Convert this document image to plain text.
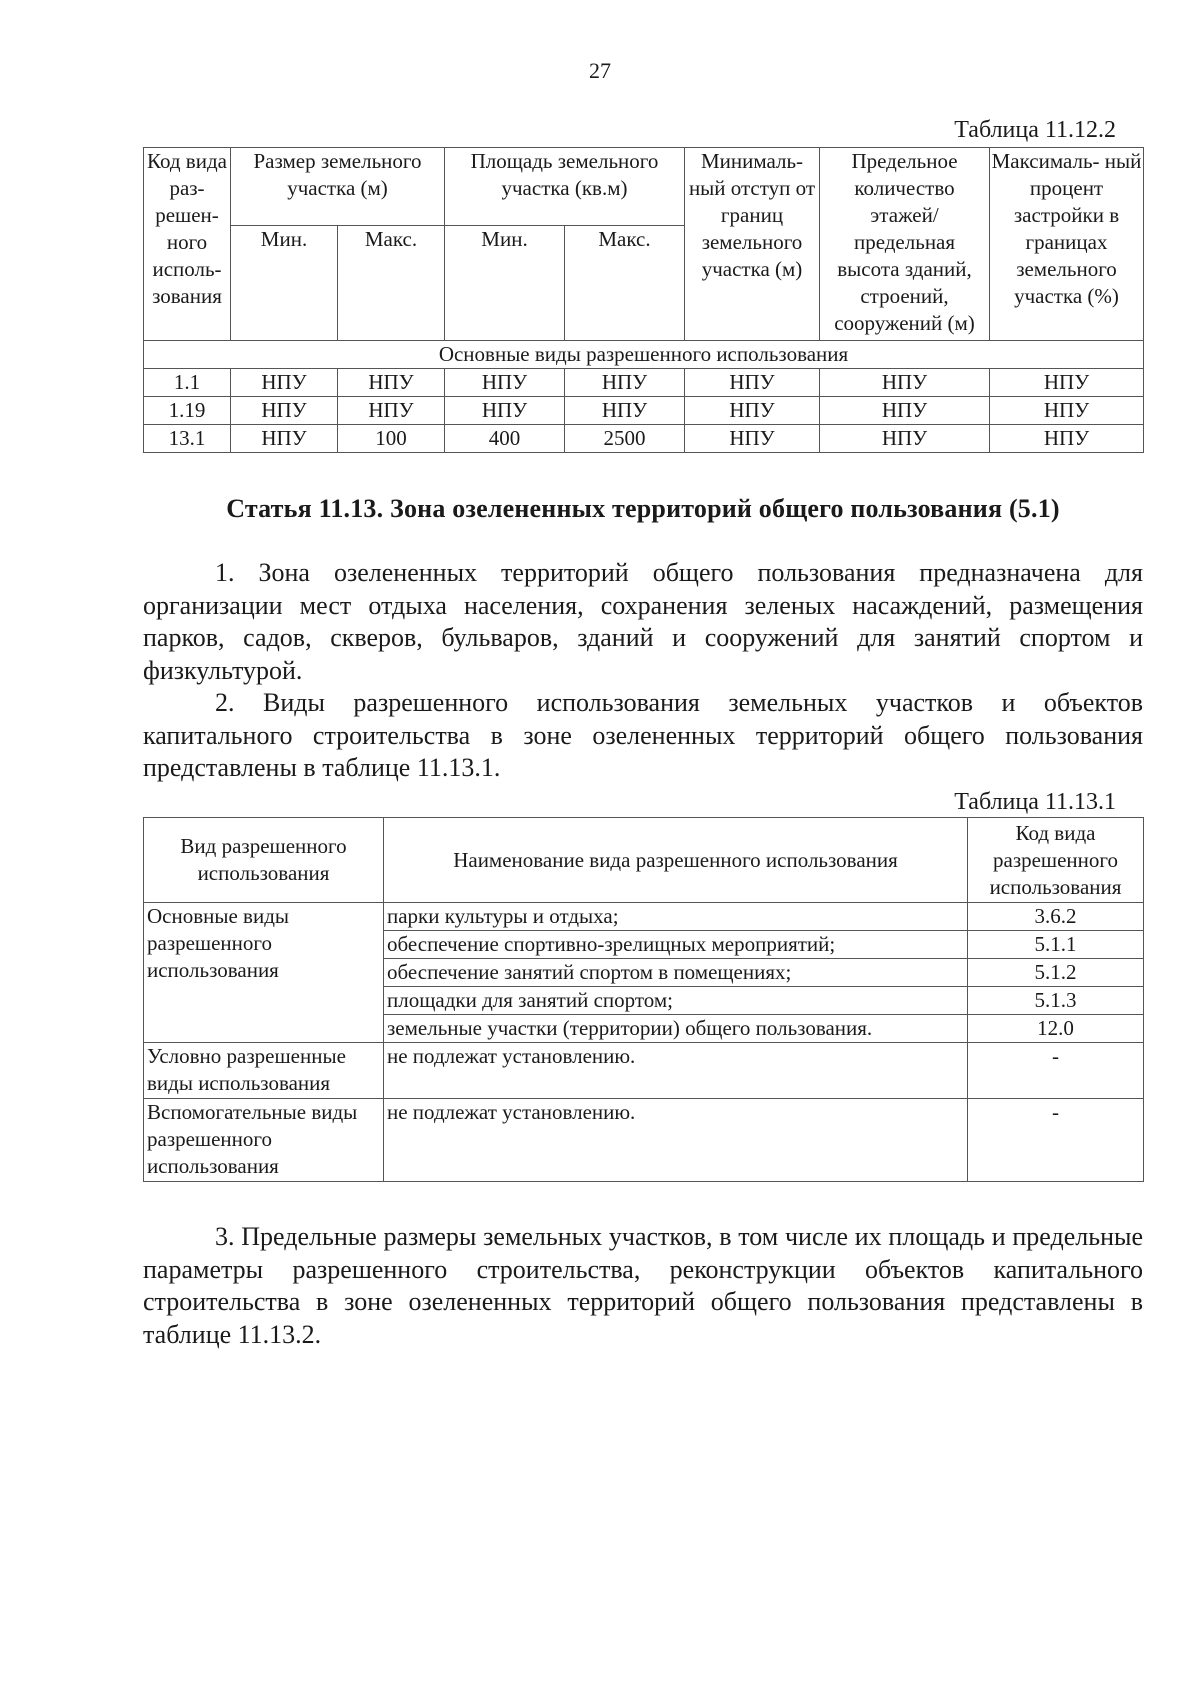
27
Таблица 11.12.2
Код вида раз- решен- ного исполь- зования	Размер земельного участка (м)		Площадь земельного участка (кв.м)		Минималь- ный отступ от границ земельного участка (м)	Предельное количество этажей/ предельная высота зданий, строений, сооружений (м)	Максималь- ный процент застройки в границах земельного участка (%)
	Мин.	Макс.	Мин.	Макс.			
Основные виды разрешенного использования							
1.1	НПУ	НПУ	НПУ	НПУ	НПУ	НПУ	НПУ
1.19	НПУ	НПУ	НПУ	НПУ	НПУ	НПУ	НПУ
13.1	НПУ	100	400	2500	НПУ	НПУ	НПУ
Статья 11.13. Зона озелененных территорий общего пользования (5.1)

1. Зона озелененных территорий общего пользования предназначена для организации мест отдыха населения, сохранения зеленых насаждений, размещения парков, садов, скверов, бульваров, зданий и сооружений для занятий спортом и физкультурой.

2. Виды разрешенного использования земельных участков и объектов капитального строительства в зоне озелененных территорий общего пользования представлены в таблице 11.13.1.

Таблица 11.13.1
Вид разрешенного использования	Наименование вида разрешенного использования	Код вида разрешенного использования
Основные виды разрешенного использования	парки культуры и отдыха;	3.6.2
	обеспечение спортивно-зрелищных мероприятий;	5.1.1
	обеспечение занятий спортом в помещениях;	5.1.2
	площадки для занятий спортом;	5.1.3
	земельные участки (территории) общего пользования.	12.0
Условно разрешенные виды использования	не подлежат установлению.	-
Вспомогательные виды разрешенного использования	не подлежат установлению.	-

3. Предельные размеры земельных участков, в том числе их площадь и предельные параметры разрешенного строительства, реконструкции объектов капитального строительства в зоне озелененных территорий общего пользования представлены в таблице 11.13.2.
